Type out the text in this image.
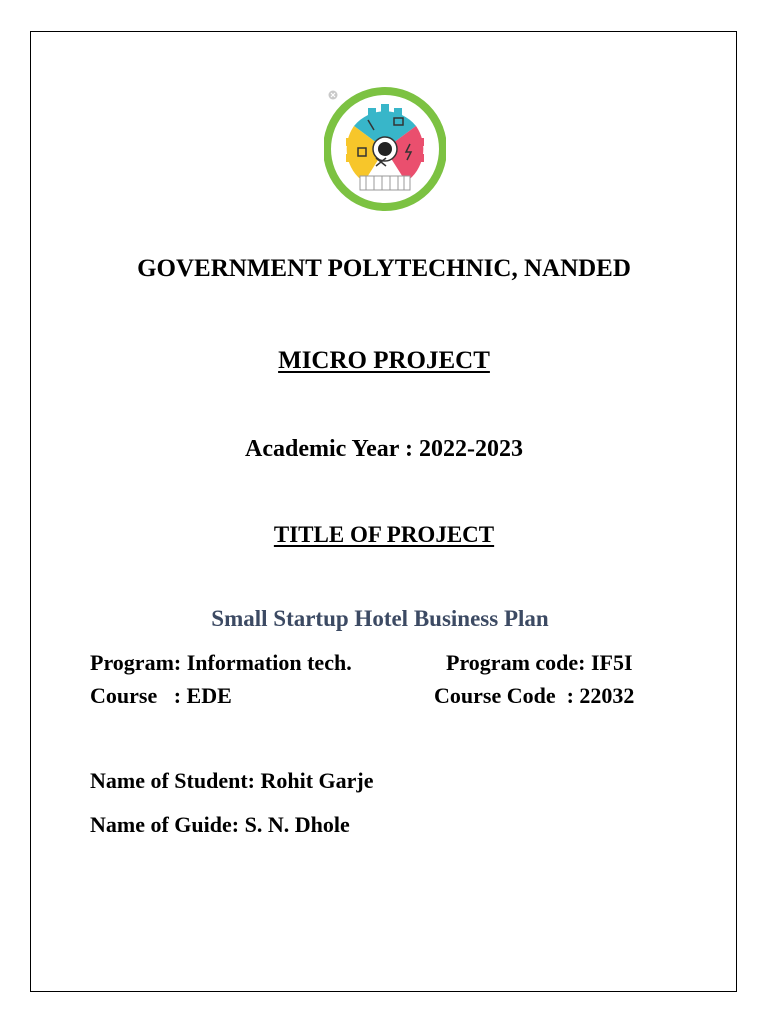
GOVERNMENT POLYTECHNIC, NANDED
MICRO PROJECT
Academic Year : 2022-2023
TITLE OF PROJECT
Small Startup Hotel Business Plan
Program: Information tech.	Program code: IF5I
Course   : EDE	Course Code  : 22032
Name of Student: Rohit Garje
Name of Guide: S. N. Dhole
